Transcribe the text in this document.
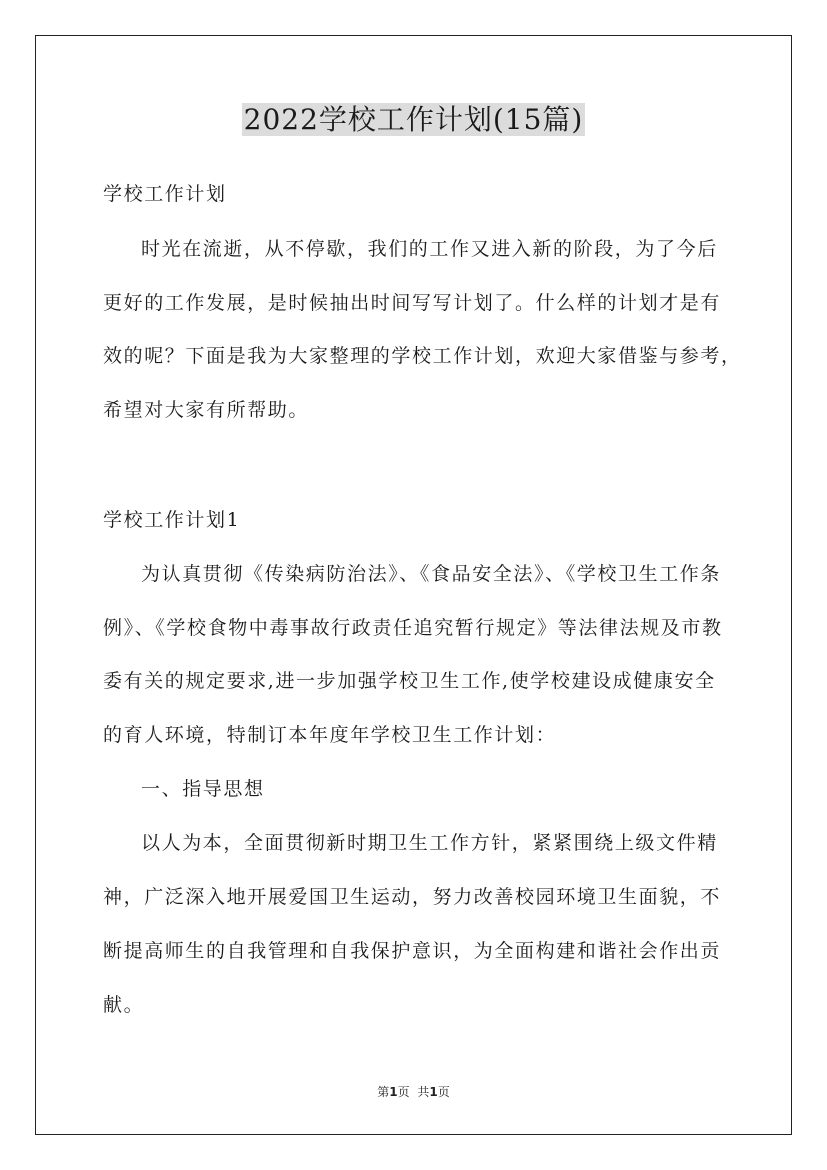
2022学校工作计划(15篇)
学校工作计划
时光在流逝，从不停歇，我们的工作又进入新的阶段，为了今后
更好的工作发展，是时候抽出时间写写计划了。什么样的计划才是有
效的呢？下面是我为大家整理的学校工作计划，欢迎大家借鉴与参考，
希望对大家有所帮助。
学校工作计划1
为认真贯彻《传染病防治法》、《食品安全法》、《学校卫生工作条
例》、《学校食物中毒事故行政责任追究暂行规定》等法律法规及市教
委有关的规定要求,进一步加强学校卫生工作,使学校建设成健康安全
的育人环境，特制订本年度年学校卫生工作计划：
一、指导思想
以人为本，全面贯彻新时期卫生工作方针，紧紧围绕上级文件精
神，广泛深入地开展爱国卫生运动，努力改善校园环境卫生面貌，不
断提高师生的自我管理和自我保护意识，为全面构建和谐社会作出贡
献。
第1页 共1页
